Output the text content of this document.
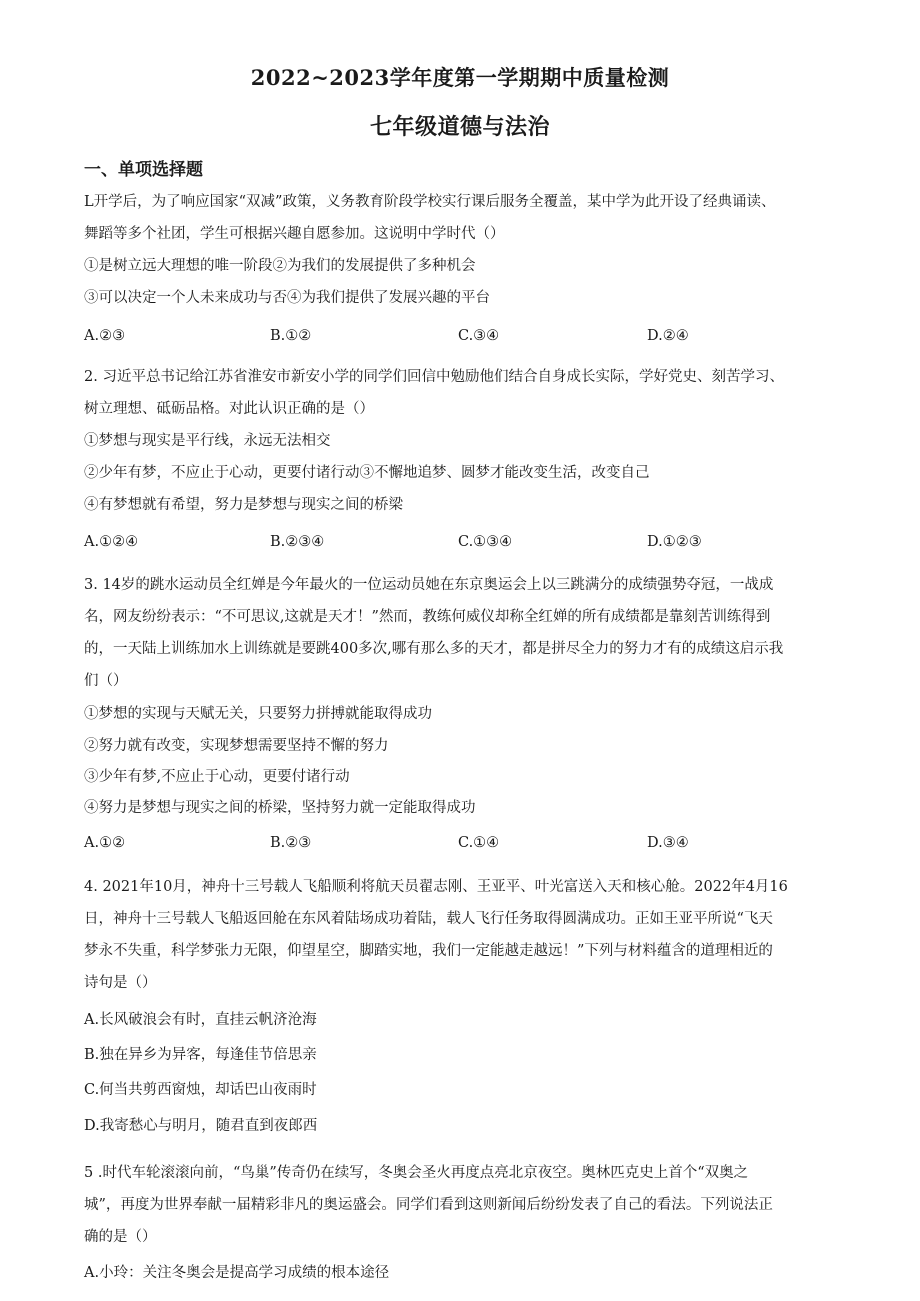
2022~2023学年度第一学期期中质量检测
七年级道德与法治
一、单项选择题
L开学后，为了响应国家“双减”政策，义务教育阶段学校实行课后服务全覆盖，某中学为此开设了经典诵读、
舞蹈等多个社团，学生可根据兴趣自愿参加。这说明中学时代（）
①是树立远大理想的唯一阶段②为我们的发展提供了多种机会
③可以决定一个人未来成功与否④为我们提供了发展兴趣的平台
A.②③	B.①②	C.③④	D.②④
2. 习近平总书记给江苏省淮安市新安小学的同学们回信中勉励他们结合自身成长实际，学好党史、刻苦学习、
树立理想、砥砺品格。对此认识正确的是（）
①梦想与现实是平行线，永远无法相交
②少年有梦，不应止于心动，更要付诸行动③不懈地追梦、圆梦才能改变生活，改变自己
④有梦想就有希望，努力是梦想与现实之间的桥梁
A.①②④	B.②③④	C.①③④	D.①②③
3. 14岁的跳水运动员全红婵是今年最火的一位运动员她在东京奥运会上以三跳满分的成绩强势夺冠，一战成
名，网友纷纷表示：“不可思议,这就是天才！”然而，教练何威仪却称全红婵的所有成绩都是靠刻苦训练得到
的，一天陆上训练加水上训练就是要跳400多次,哪有那么多的天才，都是拼尽全力的努力才有的成绩这启示我
们（）
①梦想的实现与天赋无关，只要努力拼搏就能取得成功
②努力就有改变，实现梦想需要坚持不懈的努力
③少年有梦,不应止于心动，更要付诸行动
④努力是梦想与现实之间的桥梁，坚持努力就一定能取得成功
A.①②	B.②③	C.①④	D.③④
4. 2021年10月，神舟十三号载人飞船顺利将航天员翟志刚、王亚平、叶光富送入天和核心舱。2022年4月16
日，神舟十三号载人飞船返回舱在东风着陆场成功着陆，载人飞行任务取得圆满成功。正如王亚平所说“飞天
梦永不失重，科学梦张力无限，仰望星空，脚踏实地，我们一定能越走越远！”下列与材料蕴含的道理相近的
诗句是（）
A.长风破浪会有时，直挂云帆济沧海
B.独在异乡为异客，每逢佳节倍思亲
C.何当共剪西窗烛，却话巴山夜雨时
D.我寄愁心与明月，随君直到夜郎西
5 .时代车轮滚滚向前，“鸟巢”传奇仍在续写，冬奥会圣火再度点亮北京夜空。奥林匹克史上首个“双奥之
城”，再度为世界奉献一届精彩非凡的奥运盛会。同学们看到这则新闻后纷纷发表了自己的看法。下列说法正
确的是（）
A.小玲：关注冬奥会是提高学习成绩的根本途径
